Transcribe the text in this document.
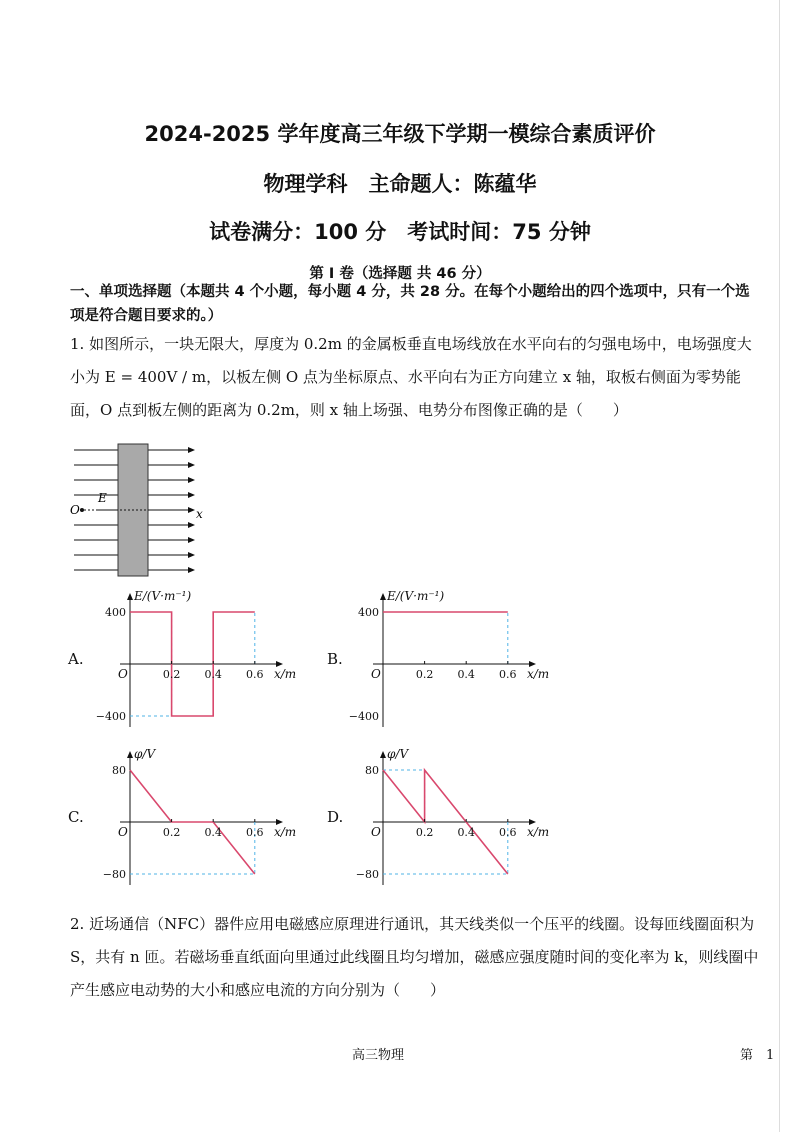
2024-2025 学年度高三年级下学期一模综合素质评价
物理学科　主命题人：陈蕴华
试卷满分：100 分　考试时间：75 分钟
第 I 卷（选择题 共 46 分）
一、单项选择题（本题共 4 个小题，每小题 4 分，共 28 分。在每个小题给出的四个选项中，只有一个选项是符合题目要求的。）
1. 如图所示，一块无限大，厚度为 0.2m 的金属板垂直电场线放在水平向右的匀强电场中，电场强度大小为 E = 400V / m，以板左侧 O 点为坐标原点、水平向右为正方向建立 x 轴，取板右侧面为零势能面，O 点到板左侧的距离为 0.2m，则 x 轴上场强、电势分布图像正确的是（　　）
O
E
x
A.	B.
C.	D.
E/(V·m⁻¹)
x/m
O
400
−400
0.2 0.4 0.6
E/(V·m⁻¹)
x/m
O
400
−400
0.2 0.4 0.6
φ/V
x/m
O
80
−80
0.2 0.4 0.6
φ/V
x/m
O
80
−80
0.2 0.4 0.6
2. 近场通信（NFC）器件应用电磁感应原理进行通讯，其天线类似一个压平的线圈。设每匝线圈面积为 S，共有 n 匝。若磁场垂直纸面向里通过此线圈且均匀增加，磁感应强度随时间的变化率为 k，则线圈中产生感应电动势的大小和感应电流的方向分别为（　　）
高三物理	第　1
